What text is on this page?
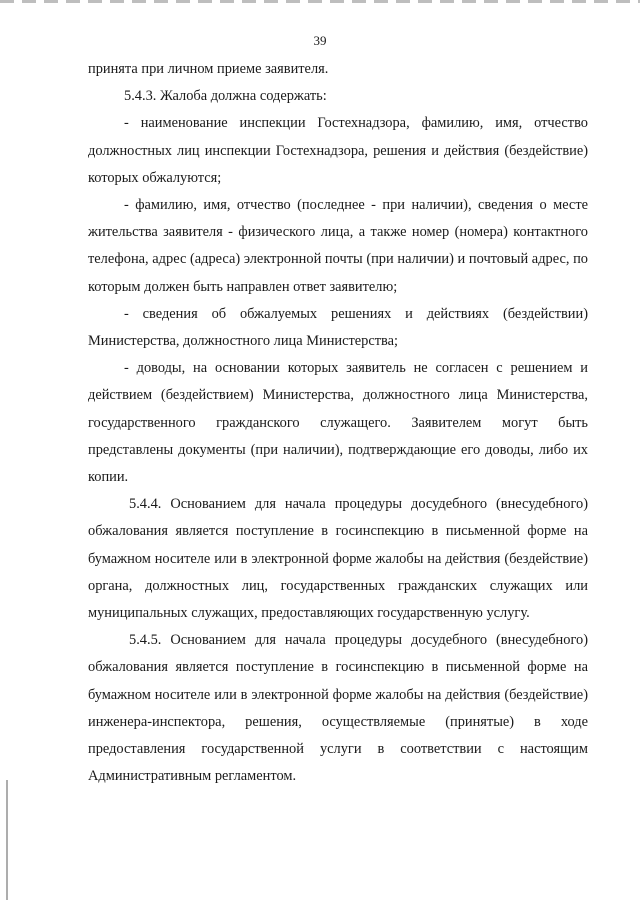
39

принята при личном приеме заявителя.

5.4.3. Жалоба должна содержать:

- наименование инспекции Гостехнадзора, фамилию, имя, отчество должностных лиц инспекции Гостехнадзора, решения и действия (бездействие) которых обжалуются;

- фамилию, имя, отчество (последнее - при наличии), сведения о месте жительства заявителя - физического лица, а также номер (номера) контактного телефона, адрес (адреса) электронной почты (при наличии) и почтовый адрес, по которым должен быть направлен ответ заявителю;

- сведения об обжалуемых решениях и действиях (бездействии) Министерства, должностного лица Министерства;

- доводы, на основании которых заявитель не согласен с решением и действием (бездействием) Министерства, должностного лица Министерства, государственного гражданского служащего. Заявителем могут быть представлены документы (при наличии), подтверждающие его доводы, либо их копии.

5.4.4. Основанием для начала процедуры досудебного (внесудебного) обжалования является поступление в госинспекцию в письменной форме на бумажном носителе или в электронной форме жалобы на действия (бездействие) органа, должностных лиц, государственных гражданских служащих или муниципальных служащих, предоставляющих государственную услугу.

5.4.5. Основанием для начала процедуры досудебного (внесудебного) обжалования является поступление в госинспекцию в письменной форме на бумажном носителе или в электронной форме жалобы на действия (бездействие) инженера-инспектора, решения, осуществляемые (принятые) в ходе предоставления государственной услуги в соответствии с настоящим Административным регламентом.
